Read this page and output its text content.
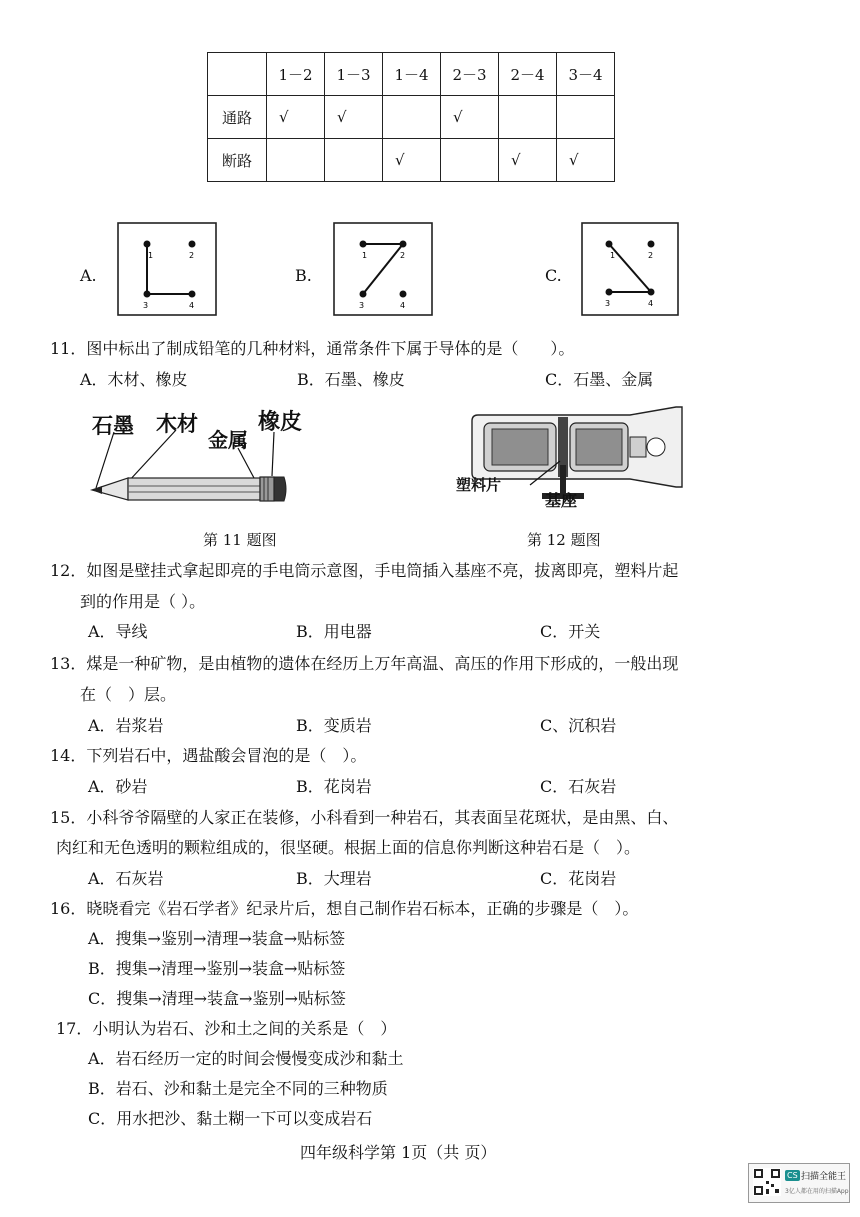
	1－2	1－3	1－4	2－3	2－4	3－4
通路	√	√		√		
断路			√		√	√
A.
1	2
3	4
B.
1	2
3	4
C.
1	2
3	4
11．图中标出了制成铅笔的几种材料，通常条件下属于导体的是（　　）。
A．木材、橡皮	B．石墨、橡皮	C．石墨、金属
石墨 木材
金属
橡皮
塑料片
基座
第 11 题图	第 12 题图
12．如图是壁挂式拿起即亮的手电筒示意图，手电筒插入基座不亮，拔离即亮，塑料片起
到的作用是（ ）。
A．导线	B．用电器	C．开关
13．煤是一种矿物，是由植物的遗体在经历上万年高温、高压的作用下形成的，一般出现
在（　）层。
A．岩浆岩	B．变质岩	C、沉积岩
14．下列岩石中，遇盐酸会冒泡的是（　）。
A．砂岩	B．花岗岩	C．石灰岩
15．小科爷爷隔壁的人家正在装修，小科看到一种岩石，其表面呈花斑状，是由黑、白、
肉红和无色透明的颗粒组成的，很坚硬。根据上面的信息你判断这种岩石是（　）。
A．石灰岩	B．大理岩	C．花岗岩
16．晓晓看完《岩石学者》纪录片后，想自己制作岩石标本，正确的步骤是（　）。
A．搜集→鉴别→清理→装盒→贴标签
B．搜集→清理→鉴别→装盒→贴标签
C．搜集→清理→装盒→鉴别→贴标签
17．小明认为岩石、沙和土之间的关系是（　）
A．岩石经历一定的时间会慢慢变成沙和黏土
B．岩石、沙和黏土是完全不同的三种物质
C．用水把沙、黏土糊一下可以变成岩石
四年级科学第 1页（共 页）
CS 扫描全能王
3亿人都在用的扫描App
